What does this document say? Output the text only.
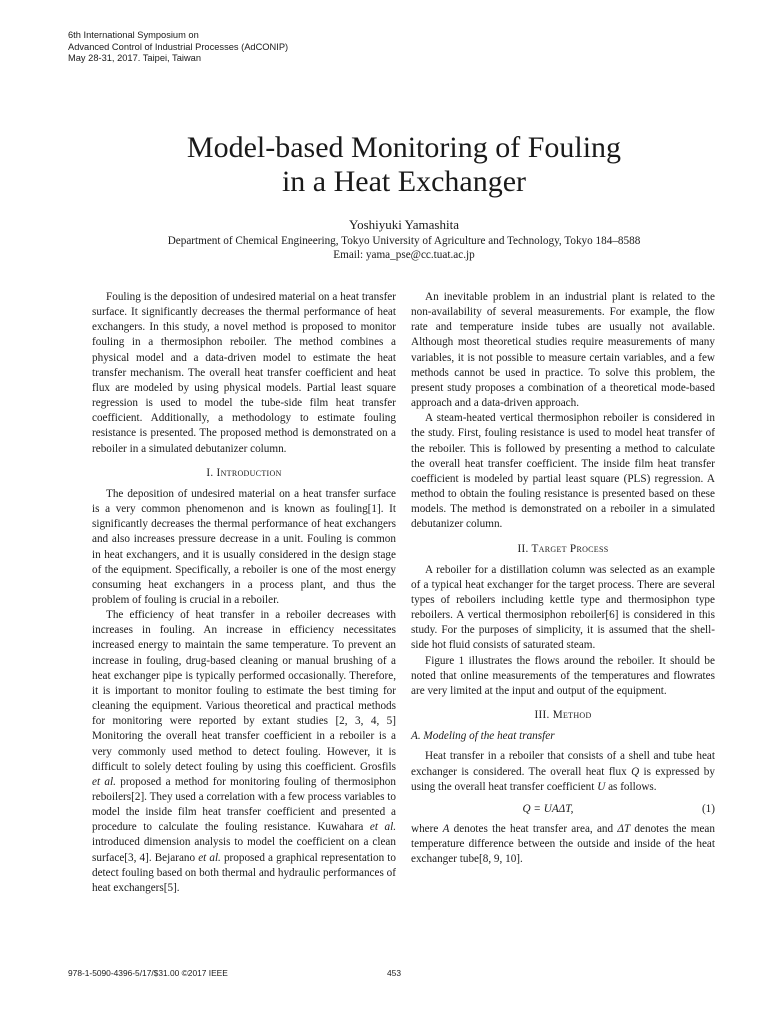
6th International Symposium on
Advanced Control of Industrial Processes (AdCONIP)
May 28-31, 2017. Taipei, Taiwan
Model-based Monitoring of Fouling
in a Heat Exchanger
Yoshiyuki Yamashita
Department of Chemical Engineering, Tokyo University of Agriculture and Technology, Tokyo 184–8588
Email: yama_pse@cc.tuat.ac.jp

Fouling is the deposition of undesired material on a heat transfer surface. It significantly decreases the thermal performance of heat exchangers. In this study, a novel method is proposed to monitor fouling in a thermosiphon reboiler. The method combines a physical model and a data-driven model to estimate the heat transfer mechanism. The overall heat transfer coefficient and heat flux are modeled by using physical models. Partial least square regression is used to model the tube-side film heat transfer coefficient. Additionally, a methodology to estimate fouling resistance is presented. The proposed method is demonstrated on a reboiler in a simulated debutanizer column.

I. Introduction

The deposition of undesired material on a heat transfer surface is a very common phenomenon and is known as fouling[1]. It significantly decreases the thermal performance of heat exchangers and also increases pressure decrease in a unit. Fouling is common in heat exchangers, and it is usually considered in the design stage of the equipment. Specifically, a reboiler is one of the most energy consuming heat exchangers in a process plant, and thus the problem of fouling is crucial in a reboiler.

The efficiency of heat transfer in a reboiler decreases with increases in fouling. An increase in efficiency necessitates increased energy to maintain the same temperature. To prevent an increase in fouling, drug-based cleaning or manual brushing of a heat exchanger pipe is typically performed occasionally. Therefore, it is important to monitor fouling to estimate the best timing for cleaning the equipment. Various theoretical and practical methods for monitoring were reported by extant studies [2, 3, 4, 5] Monitoring the overall heat transfer coefficient in a reboiler is a very commonly used method to detect fouling. However, it is difficult to solely detect fouling by using this coefficient. Grosfils et al. proposed a method for monitoring fouling of thermosiphon reboilers[2]. They used a correlation with a few process variables to model the inside film heat transfer coefficient and presented a procedure to calculate the fouling resistance. Kuwahara et al. introduced dimension analysis to model the coefficient on a clean surface[3, 4]. Bejarano et al. proposed a graphical representation to detect fouling based on both thermal and hydraulic performances of heat exchangers[5].

An inevitable problem in an industrial plant is related to the non-availability of several measurements. For example, the flow rate and temperature inside tubes are usually not available. Although most theoretical studies require measurements of many variables, it is not possible to measure certain variables, and a few methods cannot be used in practice. To solve this problem, the present study proposes a combination of a theoretical mode-based approach and a data-driven approach.

A steam-heated vertical thermosiphon reboiler is considered in the study. First, fouling resistance is used to model heat transfer of the reboiler. This is followed by presenting a method to calculate the overall heat transfer coefficient. The inside film heat transfer coefficient is modeled by partial least square (PLS) regression. A method to obtain the fouling resistance is presented based on these models. The method is demonstrated on a reboiler in a simulated debutanizer column.

II. Target Process

A reboiler for a distillation column was selected as an example of a typical heat exchanger for the target process. There are several types of reboilers including kettle type and thermosiphon type reboilers. A vertical thermosiphon reboiler[6] is considered in this study. For the purposes of simplicity, it is assumed that the shell-side hot fluid consists of saturated steam.

Figure 1 illustrates the flows around the reboiler. It should be noted that online measurements of the temperatures and flowrates are very limited at the input and output of the equipment.

III. Method
A. Modeling of the heat transfer

Heat transfer in a reboiler that consists of a shell and tube heat exchanger is considered. The overall heat flux Q is expressed by using the overall heat transfer coefficient U as follows.

Q = UAΔT,	(1)

where A denotes the heat transfer area, and ΔT denotes the mean temperature difference between the outside and inside of the heat exchanger tube[8, 9, 10].

978-1-5090-4396-5/17/$31.00 ©2017 IEEE	453
